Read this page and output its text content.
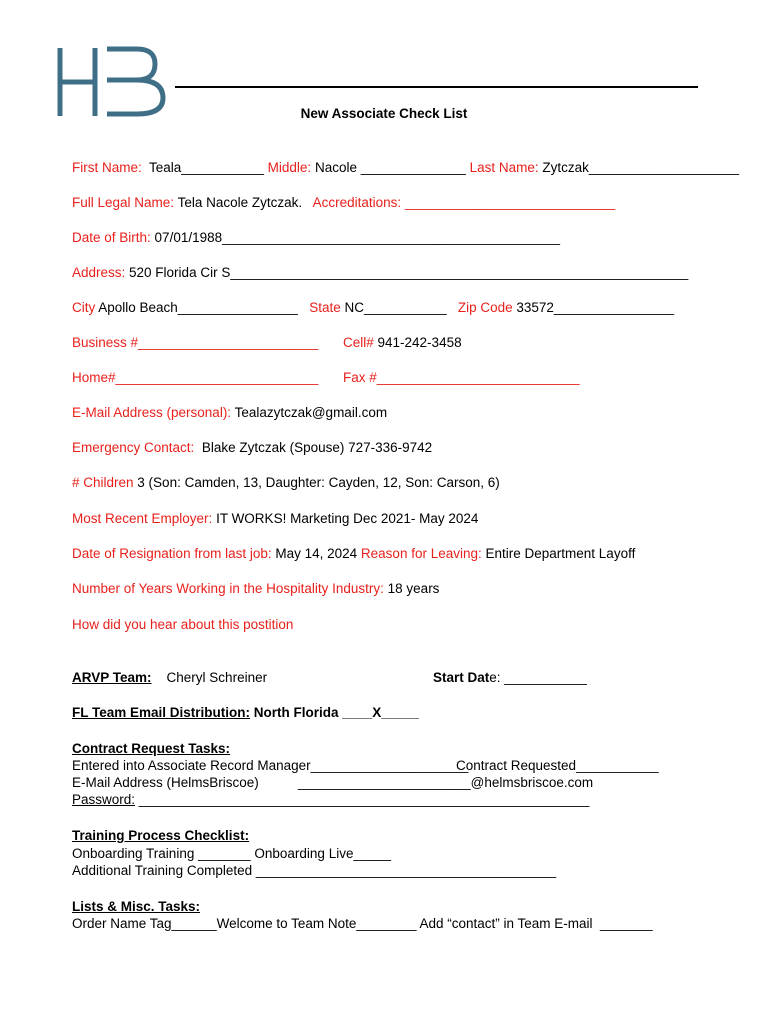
New Associate Check List
First Name:  Teala___________ Middle: Nacole ______________ Last Name: Zytczak____________________
Full Legal Name: Tela Nacole Zytczak.   Accreditations: ____________________________
Date of Birth: 07/01/1988_____________________________________________
Address: 520 Florida Cir S_____________________________________________________________
City Apollo Beach________________ State NC___________ Zip Code 33572________________
Business #________________________ Cell# 941-242-3458
Home#___________________________ Fax #___________________________
E-Mail Address (personal): Tealazytczak@gmail.com
Emergency Contact:  Blake Zytczak (Spouse) 727-336-9742
# Children 3 (Son: Camden, 13, Daughter: Cayden, 12, Son: Carson, 6)
Most Recent Employer: IT WORKS! Marketing Dec 2021- May 2024
Date of Resignation from last job: May 14, 2024 Reason for Leaving: Entire Department Layoff
Number of Years Working in the Hospitality Industry: 18 years
How did you hear about this postition
ARVP Team: Cheryl Schreiner	Start Date: ___________
FL Team Email Distribution: North Florida ____X_____
Contract Request Tasks:
Entered into Associate Record Manager_____________________
Contract Requested___________
E-Mail Address (HelmsBriscoe)	_______________________@helmsbriscoe.com
Password: ____________________________________________________________
Training Process Checklist:
Onboarding Training _______ Onboarding Live_____
Additional Training Completed ________________________________________
Lists & Misc. Tasks:
Order Name Tag______Welcome to Team Note________ Add “contact” in Team E-mail  _______
